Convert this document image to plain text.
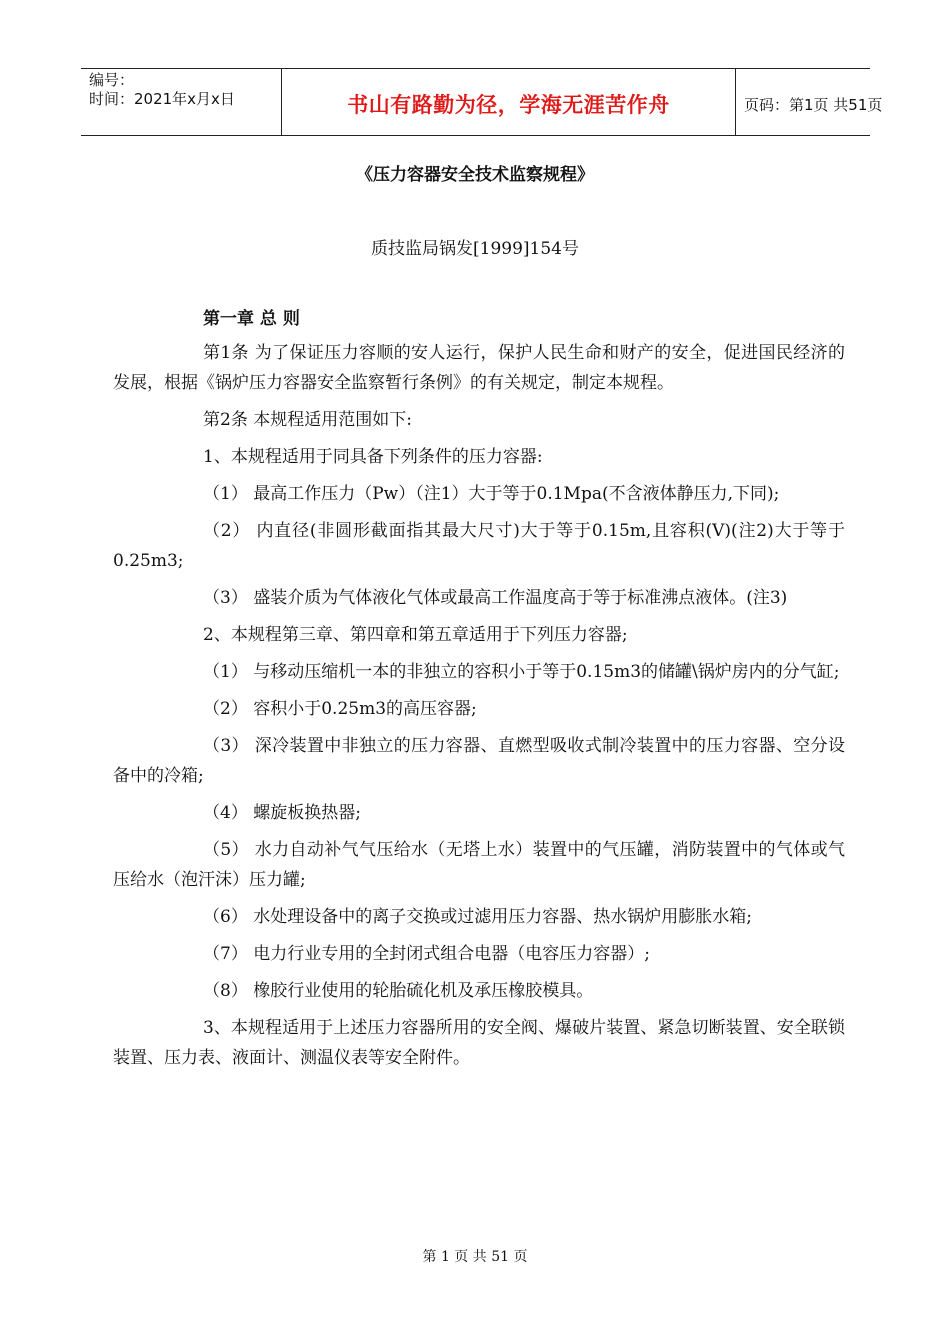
编号：
时间：2021年x月x日	书山有路勤为径，学海无涯苦作舟	页码：第1页 共51页
《压力容器安全技术监察规程》
质技监局锅发[1999]154号

第一章 总 则

第1条 为了保证压力容顺的安人运行，保护人民生命和财产的安全，促进国民经济的发展，根据《锅炉压力容器安全监察暂行条例》的有关规定，制定本规程。

第2条 本规程适用范围如下:

1、本规程适用于同具备下列条件的压力容器:

（1） 最高工作压力（Pw）（注1）大于等于0.1Mpa(不含液体静压力,下同);

（2） 内直径(非圆形截面指其最大尺寸)大于等于0.15m,且容积(V)(注2)大于等于0.25m3;

（3） 盛装介质为气体液化气体或最高工作温度高于等于标准沸点液体。(注3)

2、本规程第三章、第四章和第五章适用于下列压力容器;

（1） 与移动压缩机一本的非独立的容积小于等于0.15m3的储罐\锅炉房内的分气缸;

（2） 容积小于0.25m3的高压容器;

（3） 深冷装置中非独立的压力容器、直燃型吸收式制冷装置中的压力容器、空分设备中的冷箱;

（4） 螺旋板换热器;

（5） 水力自动补气气压给水（无塔上水）装置中的气压罐，消防装置中的气体或气压给水（泡汗沫）压力罐;

（6） 水处理设备中的离子交换或过滤用压力容器、热水锅炉用膨胀水箱;

（7） 电力行业专用的全封闭式组合电器（电容压力容器）;

（8） 橡胶行业使用的轮胎硫化机及承压橡胶模具。

3、本规程适用于上述压力容器所用的安全阀、爆破片装置、紧急切断装置、安全联锁装置、压力表、液面计、测温仪表等安全附件。

第 1 页 共 51 页
